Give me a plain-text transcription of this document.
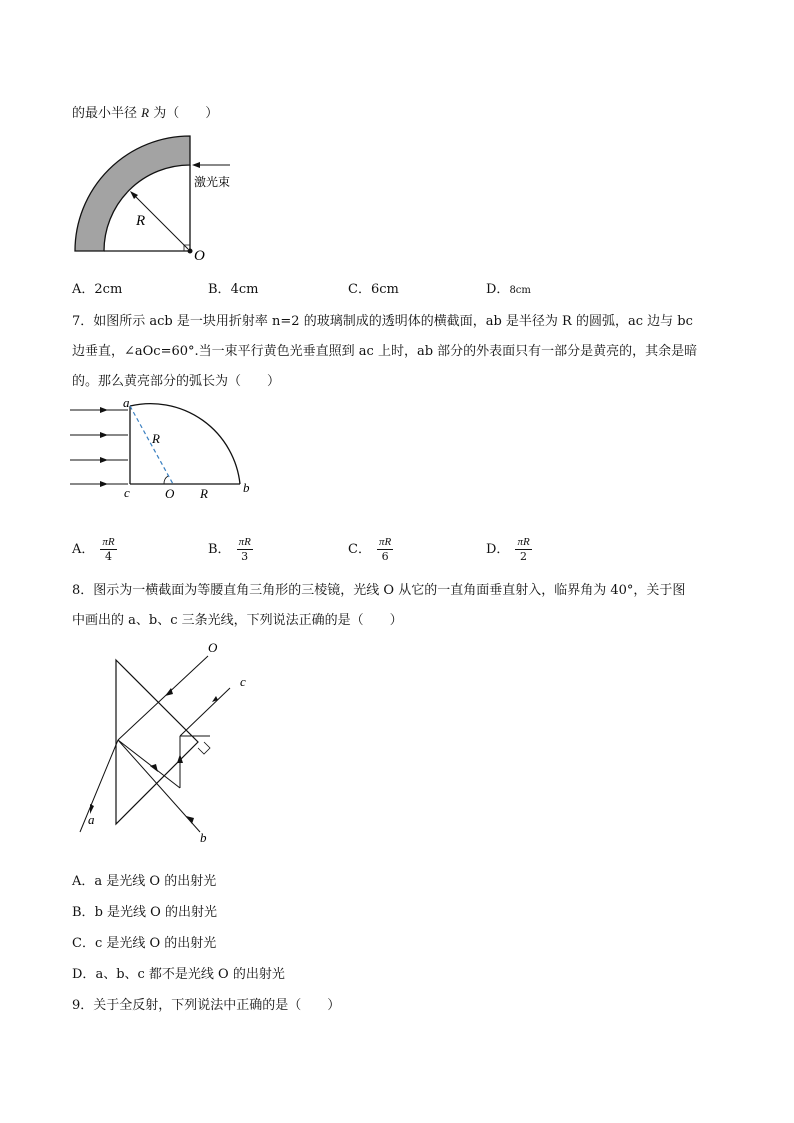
的最小半径 R 为（　　）
激光束
R
O
A．2cm	B．4cm	C．6cm	D．8cm
7．如图所示 acb 是一块用折射率 n=2 的玻璃制成的透明体的横截面，ab 是半径为 R 的圆弧，ac 边与 bc
边垂直，∠aOc=60°.当一束平行黄色光垂直照到 ac 上时，ab 部分的外表面只有一部分是黄亮的，其余是暗
的。那么黄亮部分的弧长为（　　）
a
c	O
R
R	b
A． $\frac{\pi R}{4}$	B． $\frac{\pi R}{3}$	C． $\frac{\pi R}{6}$	D． $\frac{\pi R}{2}$
8．图示为一横截面为等腰直角三角形的三棱镜，光线 O 从它的一直角面垂直射入，临界角为 40°，关于图
中画出的 a、b、c 三条光线，下列说法正确的是（　　）
O
c
a
b
A．a 是光线 O 的出射光
B．b 是光线 O 的出射光
C．c 是光线 O 的出射光
D．a、b、c 都不是光线 O 的出射光
9．关于全反射，下列说法中正确的是（　　）
